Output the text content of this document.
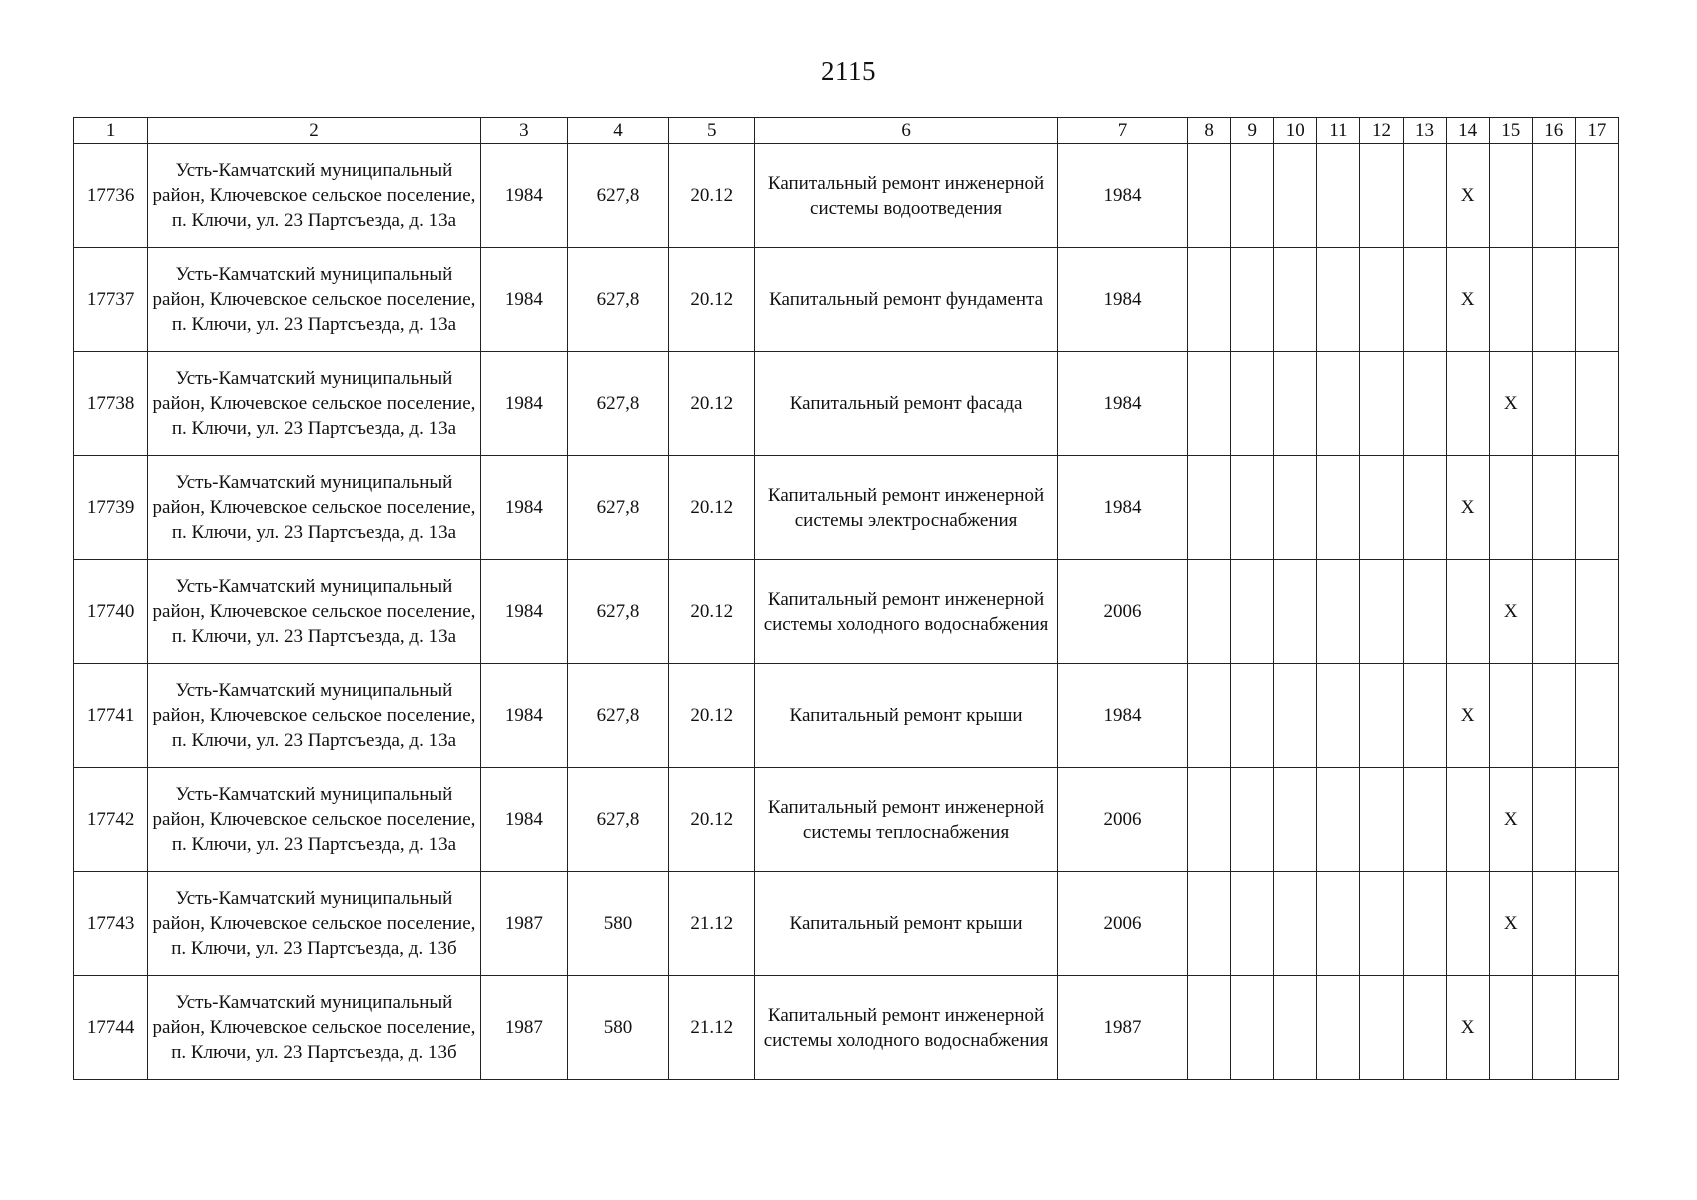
2115
1	2	3	4	5	6	7	8	9	10	11	12	13	14	15	16	17
17736	Усть-Камчатский муниципальный район, Ключевское сельское поселение, п. Ключи, ул. 23 Партсъезда, д. 13а	1984	627,8	20.12	Капитальный ремонт инженерной системы водоотведения	1984							X			
17737	Усть-Камчатский муниципальный район, Ключевское сельское поселение, п. Ключи, ул. 23 Партсъезда, д. 13а	1984	627,8	20.12	Капитальный ремонт фундамента	1984							X			
17738	Усть-Камчатский муниципальный район, Ключевское сельское поселение, п. Ключи, ул. 23 Партсъезда, д. 13а	1984	627,8	20.12	Капитальный ремонт фасада	1984								X		
17739	Усть-Камчатский муниципальный район, Ключевское сельское поселение, п. Ключи, ул. 23 Партсъезда, д. 13а	1984	627,8	20.12	Капитальный ремонт инженерной системы электроснабжения	1984							X			
17740	Усть-Камчатский муниципальный район, Ключевское сельское поселение, п. Ключи, ул. 23 Партсъезда, д. 13а	1984	627,8	20.12	Капитальный ремонт инженерной системы холодного водоснабжения	2006								X		
17741	Усть-Камчатский муниципальный район, Ключевское сельское поселение, п. Ключи, ул. 23 Партсъезда, д. 13а	1984	627,8	20.12	Капитальный ремонт крыши	1984							X			
17742	Усть-Камчатский муниципальный район, Ключевское сельское поселение, п. Ключи, ул. 23 Партсъезда, д. 13а	1984	627,8	20.12	Капитальный ремонт инженерной системы теплоснабжения	2006								X		
17743	Усть-Камчатский муниципальный район, Ключевское сельское поселение, п. Ключи, ул. 23 Партсъезда, д. 13б	1987	580	21.12	Капитальный ремонт крыши	2006								X		
17744	Усть-Камчатский муниципальный район, Ключевское сельское поселение, п. Ключи, ул. 23 Партсъезда, д. 13б	1987	580	21.12	Капитальный ремонт инженерной системы холодного водоснабжения	1987							X			
